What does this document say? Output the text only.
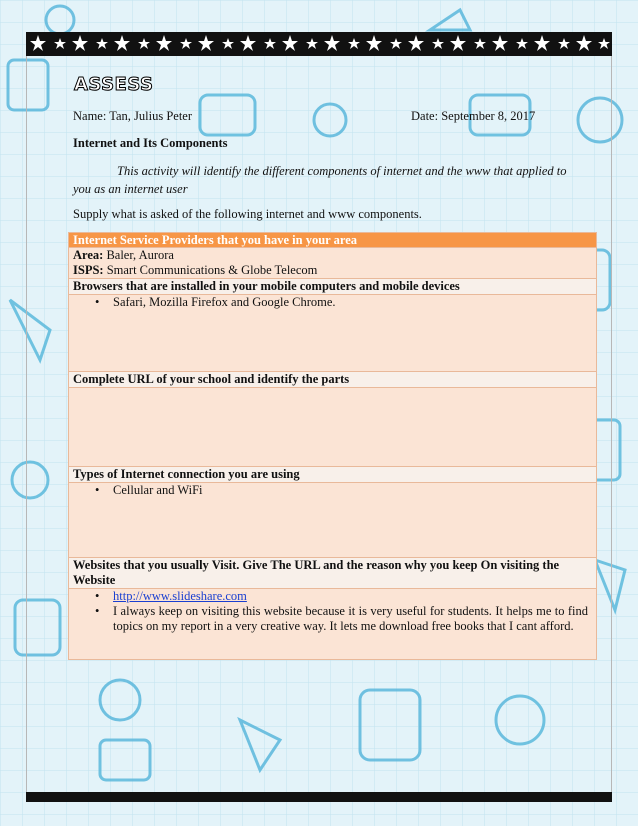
ASSESS
Name: Tan, Julius Peter	Date: September 8, 2017
Internet and Its Components
This activity will identify the different components of internet and the www that applied to you as an internet user
Supply what is asked of the following internet and www components.
Internet Service Providers that you have in your area

Area: Baler, Aurora
ISPS: Smart Communications & Globe Telecom

Browsers that are installed in your mobile computers and mobile devices

• Safari, Mozilla Firefox and Google Chrome.

Complete URL of your school and identify the parts

Types of Internet connection you are using

• Cellular and WiFi

Websites that you usually Visit. Give The URL and the reason why you keep On visiting the Website

• http://www.slideshare.com
• I always keep on visiting this website because it is very useful for students. It helps me to find topics on my report in a very creative way. It lets me download free books that I cant afford.
